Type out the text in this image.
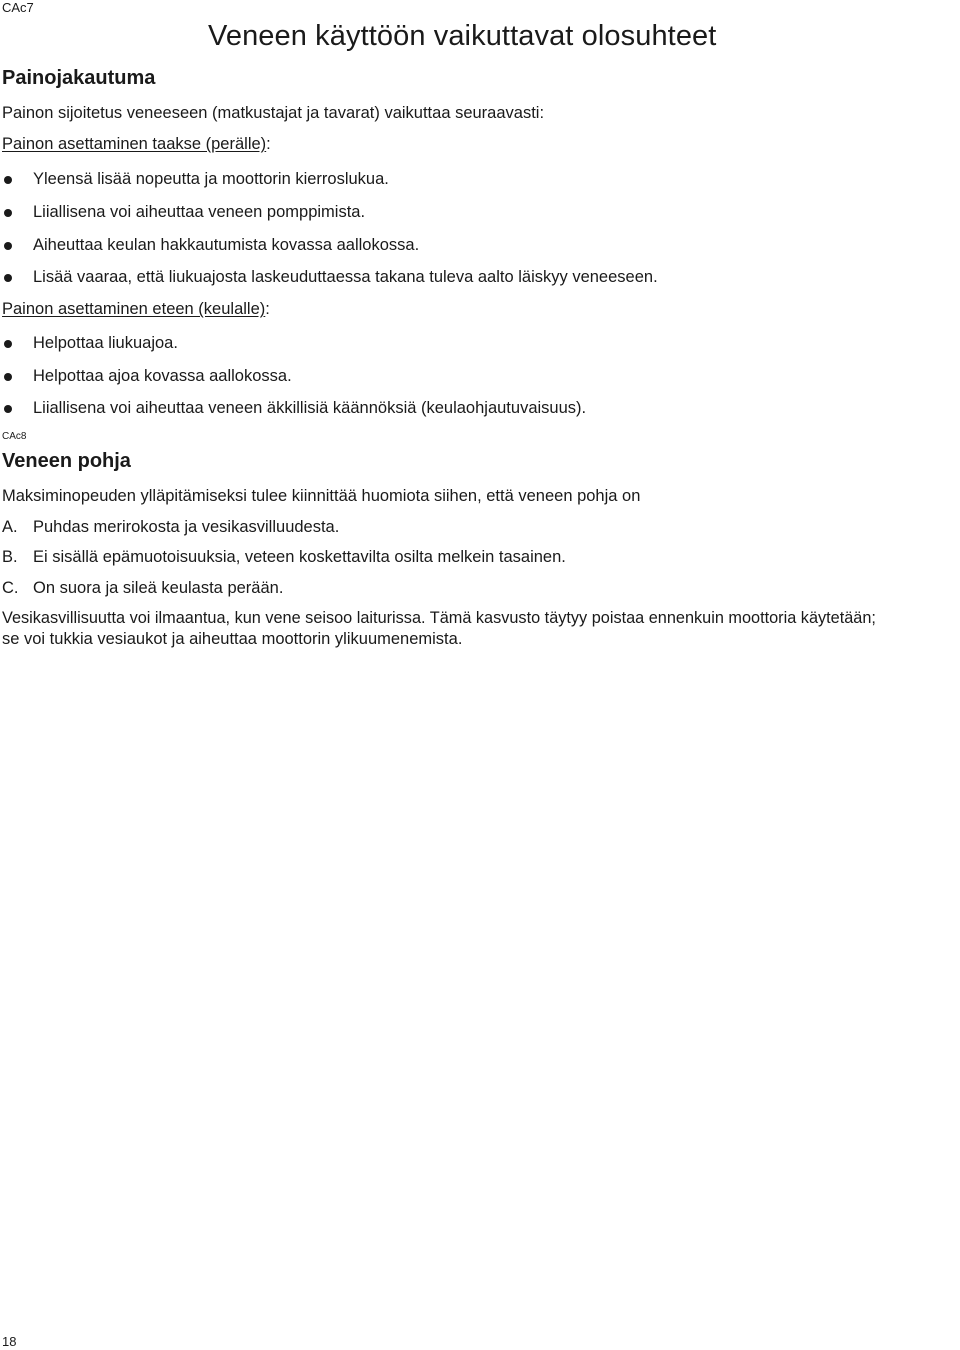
CAc7
Veneen käyttöön vaikuttavat olosuhteet
Painojakautuma
Painon sijoitetus veneeseen (matkustajat ja tavarat) vaikuttaa seuraavasti:
Painon asettaminen taakse (perälle):
Yleensä lisää nopeutta ja moottorin kierroslukua.
Liiallisena voi aiheuttaa veneen pomppimista.
Aiheuttaa keulan hakkautumista kovassa aallokossa.
Lisää vaaraa, että liukuajosta laskeuduttaessa takana tuleva aalto läiskyy veneeseen.
Painon asettaminen eteen (keulalle):
Helpottaa liukuajoa.
Helpottaa ajoa kovassa aallokossa.
Liiallisena voi aiheuttaa veneen äkkillisiä käännöksiä (keulaohjautuvaisuus).
CAc8
Veneen pohja
Maksiminopeuden ylläpitämiseksi tulee kiinnittää huomiota siihen, että veneen pohja on
A. Puhdas merirokosta ja vesikasvilluudesta.
B. Ei sisällä epämuotoisuuksia, veteen koskettavilta osilta melkein tasainen.
C. On suora ja sileä keulasta perään.
Vesikasvillisuutta voi ilmaantua, kun vene seisoo laiturissa. Tämä kasvusto täytyy poistaa ennenkuin moottoria käytetään;
se voi tukkia vesiaukot ja aiheuttaa moottorin ylikuumenemista.
18
